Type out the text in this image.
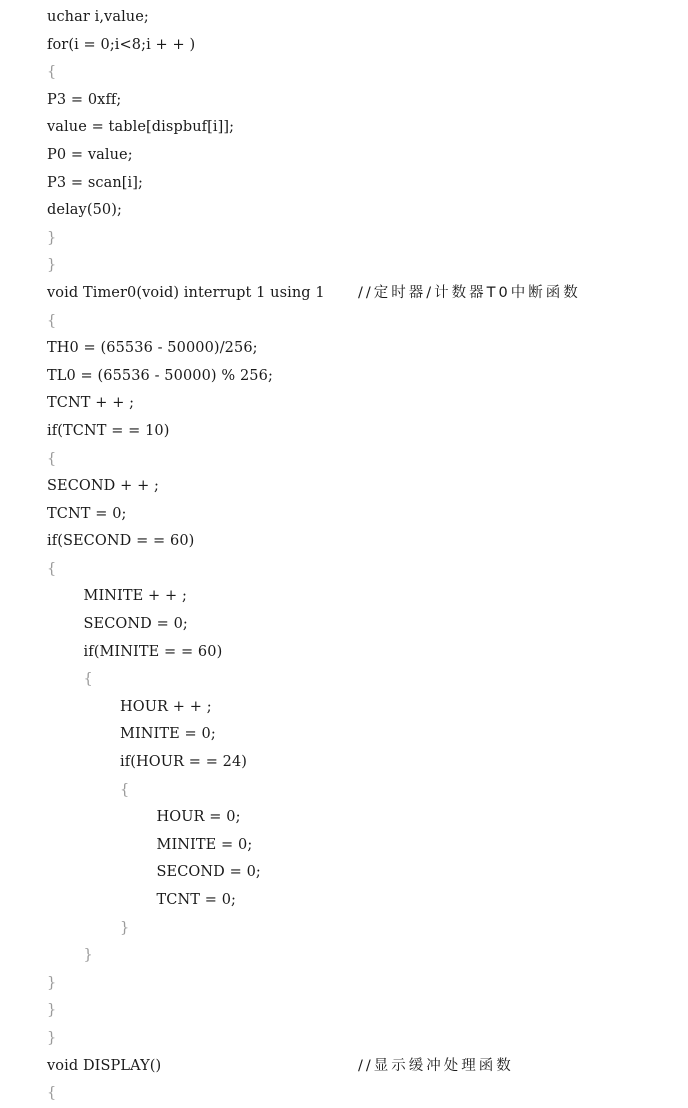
uchar i,value;
for(i = 0;i<8;i + + )
{
P3 = 0xff;
value = table[dispbuf[i]];
P0 = value;
P3 = scan[i];
delay(50);
}
}
void Timer0(void) interrupt 1 using 1 //定时器/计数器T0中断函数
{
TH0 = (65536 - 50000)/256;
TL0 = (65536 - 50000) % 256;
TCNT + + ;
if(TCNT = = 10)
{
SECOND + + ;
TCNT = 0;
if(SECOND = = 60)
{
MINITE + + ;
SECOND = 0;
if(MINITE = = 60)
{
HOUR + + ;
MINITE = 0;
if(HOUR = = 24)
{
HOUR = 0;
MINITE = 0;
SECOND = 0;
TCNT = 0;
}
}
}
}
}
void DISPLAY()	//显示缓冲处理函数
{
